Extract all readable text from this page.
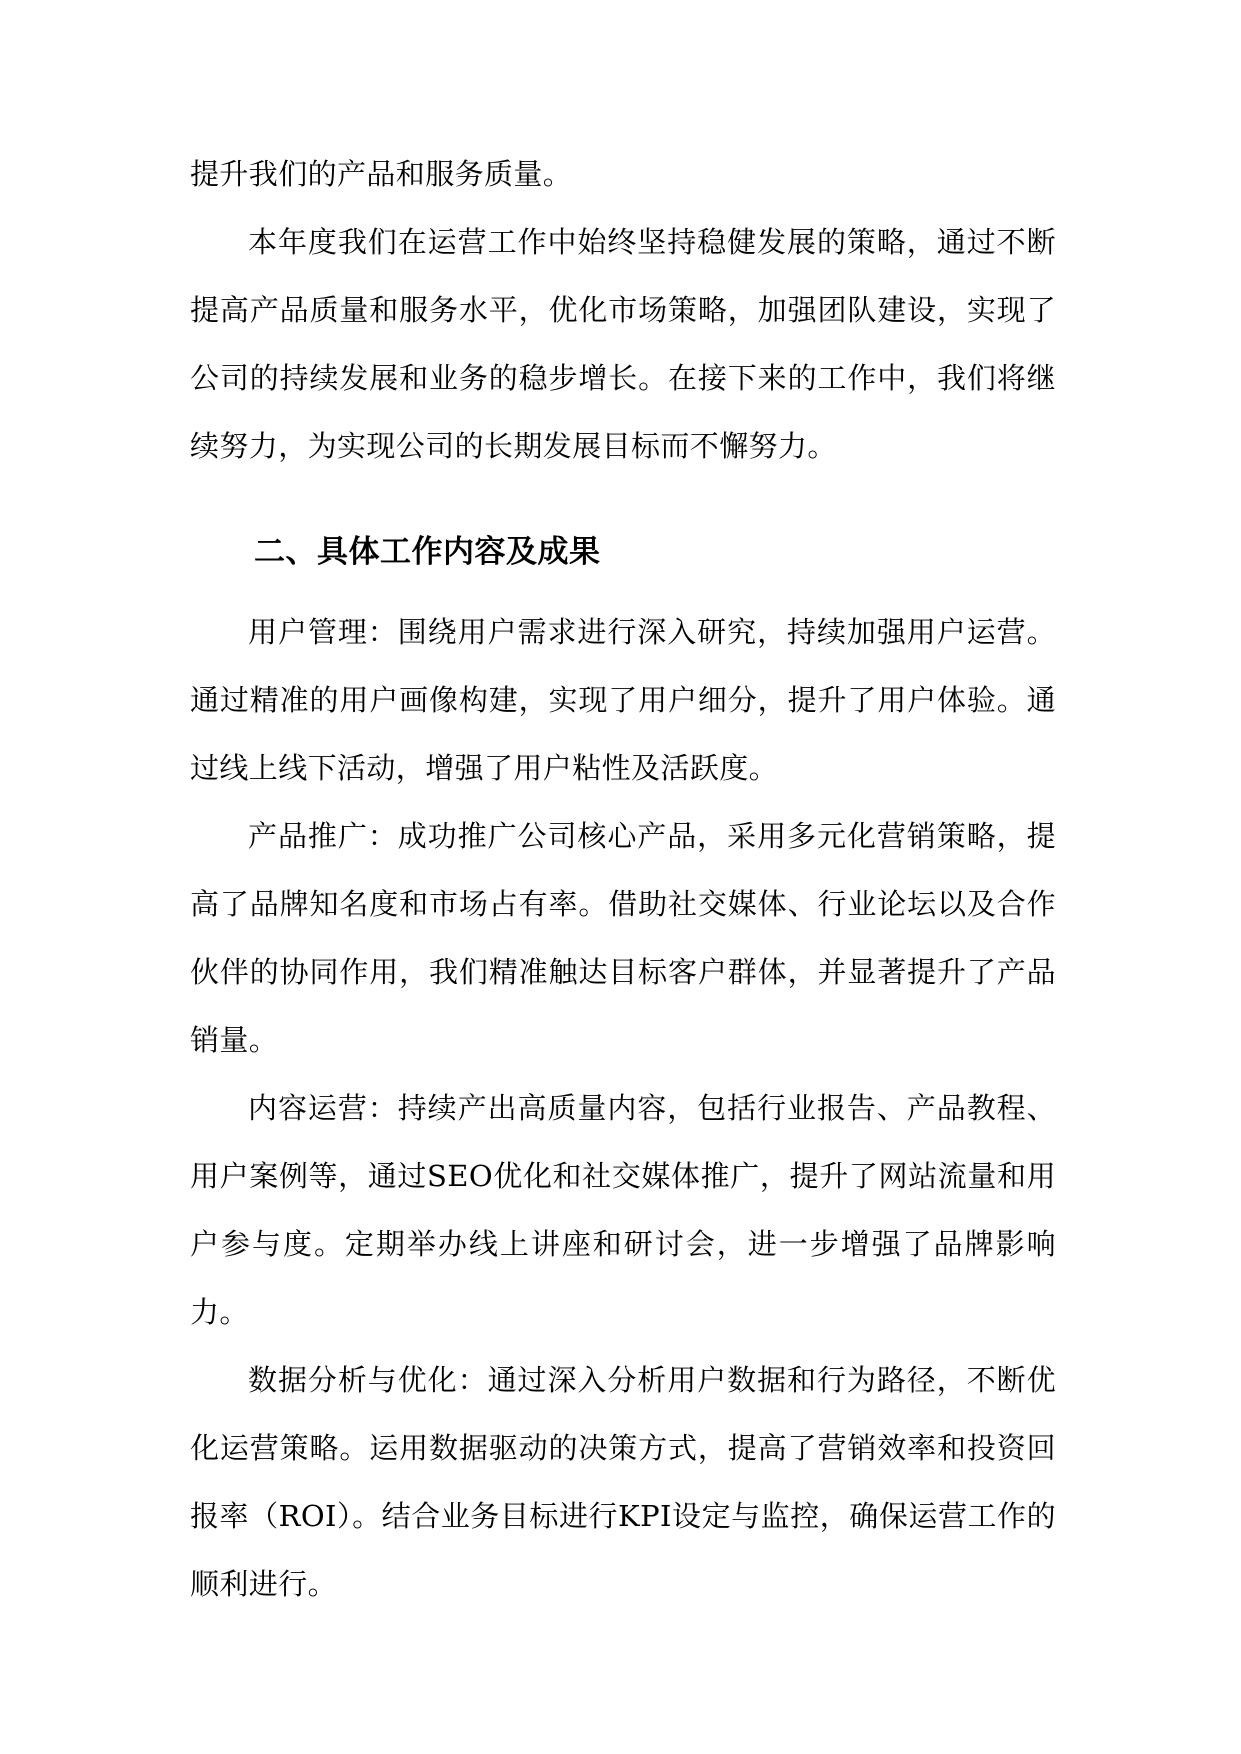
提升我们的产品和服务质量。

本年度我们在运营工作中始终坚持稳健发展的策略，通过不断提高产品质量和服务水平，优化市场策略，加强团队建设，实现了公司的持续发展和业务的稳步增长。在接下来的工作中，我们将继续努力，为实现公司的长期发展目标而不懈努力。

二、具体工作内容及成果

用户管理：围绕用户需求进行深入研究，持续加强用户运营。通过精准的用户画像构建，实现了用户细分，提升了用户体验。通过线上线下活动，增强了用户粘性及活跃度。

产品推广：成功推广公司核心产品，采用多元化营销策略，提高了品牌知名度和市场占有率。借助社交媒体、行业论坛以及合作伙伴的协同作用，我们精准触达目标客户群体，并显著提升了产品销量。

内容运营：持续产出高质量内容，包括行业报告、产品教程、用户案例等，通过SEO优化和社交媒体推广，提升了网站流量和用户参与度。定期举办线上讲座和研讨会，进一步增强了品牌影响力。

数据分析与优化：通过深入分析用户数据和行为路径，不断优化运营策略。运用数据驱动的决策方式，提高了营销效率和投资回报率（ROI）。结合业务目标进行KPI设定与监控，确保运营工作的顺利进行。
